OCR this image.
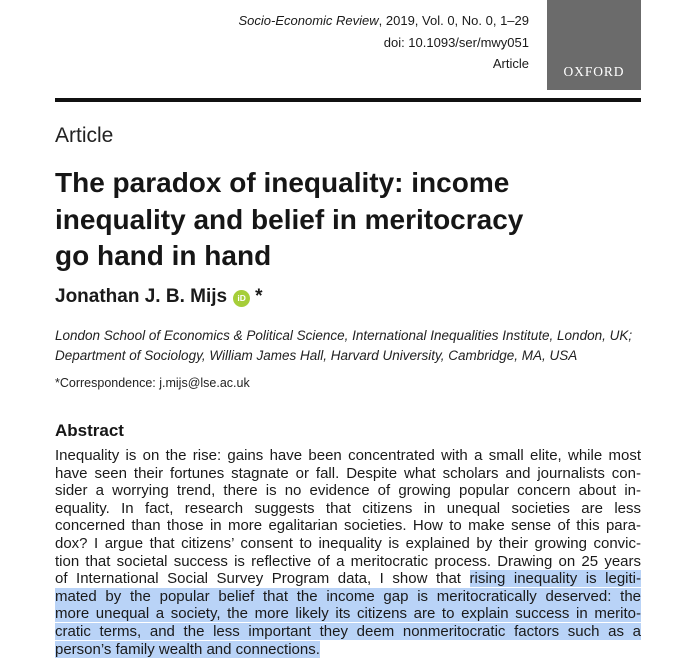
Socio-Economic Review, 2019, Vol. 0, No. 0, 1–29
doi: 10.1093/ser/mwy051
Article
OXFORD
Article
The paradox of inequality: income inequality and belief in meritocracy go hand in hand
Jonathan J. B. Mijs	iD *
London School of Economics & Political Science, International Inequalities Institute, London, UK;
Department of Sociology, William James Hall, Harvard University, Cambridge, MA, USA
*Correspondence: j.mijs@lse.ac.uk
Abstract
Inequality is on the rise: gains have been concentrated with a small elite, while most
have seen their fortunes stagnate or fall. Despite what scholars and journalists con-
sider a worrying trend, there is no evidence of growing popular concern about in-
equality. In fact, research suggests that citizens in unequal societies are less
concerned than those in more egalitarian societies. How to make sense of this para-
dox? I argue that citizens’ consent to inequality is explained by their growing convic-
tion that societal success is reflective of a meritocratic process. Drawing on 25 years
of International Social Survey Program data, I show that rising inequality is legiti-
mated by the popular belief that the income gap is meritocratically deserved: the
more unequal a society, the more likely its citizens are to explain success in merito-
cratic terms, and the less important they deem nonmeritocratic factors such as a
person’s family wealth and connections.
